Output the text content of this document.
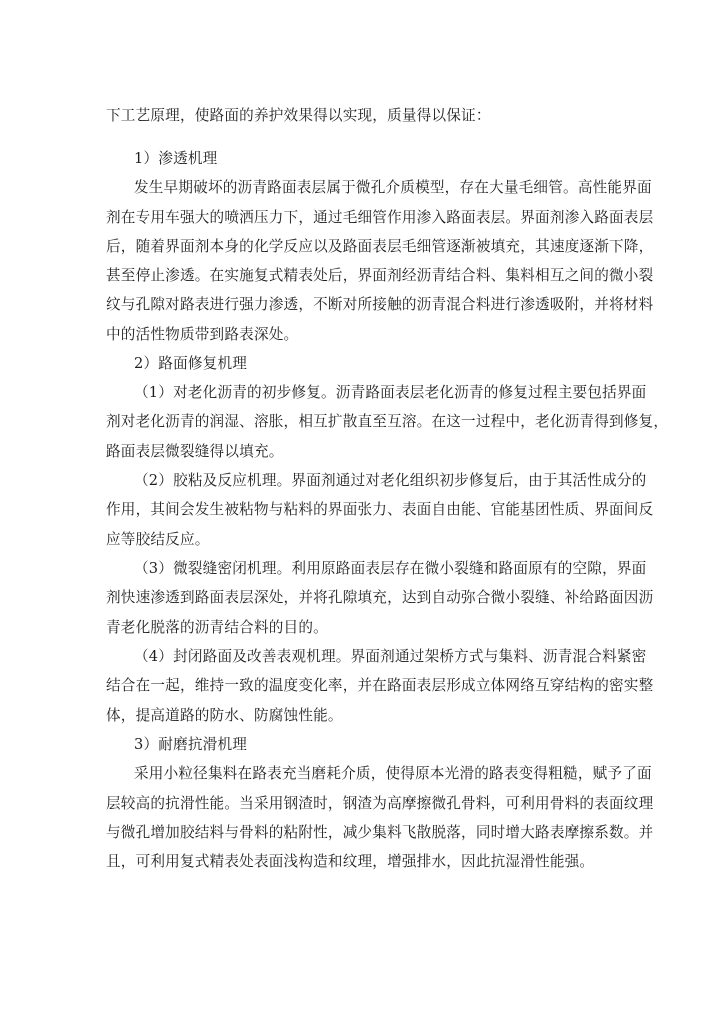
下工艺原理，使路面的养护效果得以实现，质量得以保证：
1）渗透机理
发生早期破坏的沥青路面表层属于微孔介质模型，存在大量毛细管。高性能界面
剂在专用车强大的喷洒压力下，通过毛细管作用渗入路面表层。界面剂渗入路面表层
后，随着界面剂本身的化学反应以及路面表层毛细管逐渐被填充，其速度逐渐下降，
甚至停止渗透。在实施复式精表处后，界面剂经沥青结合料、集料相互之间的微小裂
纹与孔隙对路表进行强力渗透，不断对所接触的沥青混合料进行渗透吸附，并将材料
中的活性物质带到路表深处。
2）路面修复机理
（1）对老化沥青的初步修复。沥青路面表层老化沥青的修复过程主要包括界面
剂对老化沥青的润湿、溶胀，相互扩散直至互溶。在这一过程中，老化沥青得到修复，
路面表层微裂缝得以填充。
（2）胶粘及反应机理。界面剂通过对老化组织初步修复后，由于其活性成分的
作用，其间会发生被粘物与粘料的界面张力、表面自由能、官能基团性质、界面间反
应等胶结反应。
（3）微裂缝密闭机理。利用原路面表层存在微小裂缝和路面原有的空隙，界面
剂快速渗透到路面表层深处，并将孔隙填充，达到自动弥合微小裂缝、补给路面因沥
青老化脱落的沥青结合料的目的。
（4）封闭路面及改善表观机理。界面剂通过架桥方式与集料、沥青混合料紧密
结合在一起，维持一致的温度变化率，并在路面表层形成立体网络互穿结构的密实整
体，提高道路的防水、防腐蚀性能。
3）耐磨抗滑机理
采用小粒径集料在路表充当磨耗介质，使得原本光滑的路表变得粗糙，赋予了面
层较高的抗滑性能。当采用钢渣时，钢渣为高摩擦微孔骨料，可利用骨料的表面纹理
与微孔增加胶结料与骨料的粘附性，减少集料飞散脱落，同时增大路表摩擦系数。并
且，可利用复式精表处表面浅构造和纹理，增强排水，因此抗湿滑性能强。
